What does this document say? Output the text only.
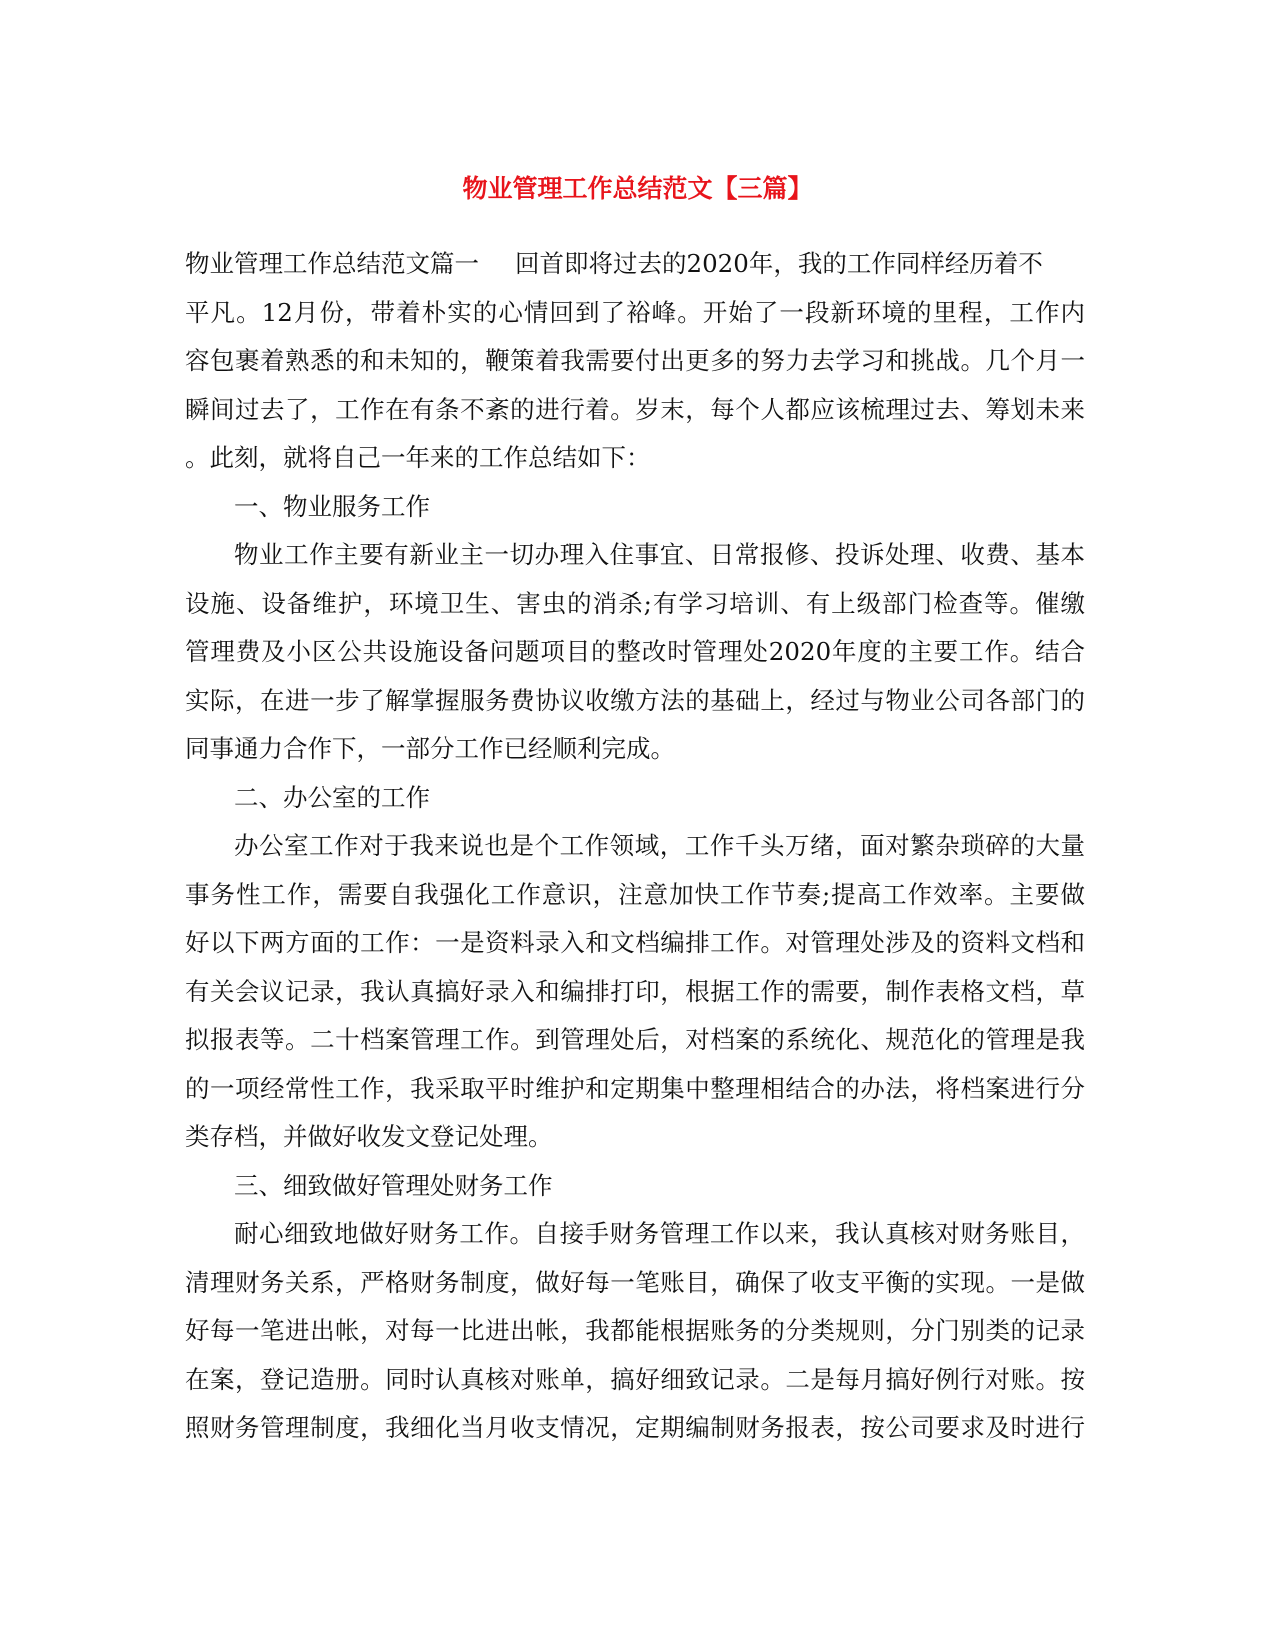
物业管理工作总结范文【三篇】
物业管理工作总结范文篇一 回首即将过去的2020年，我的工作同样经历着不
平凡。12月份，带着朴实的心情回到了裕峰。开始了一段新环境的里程，工作内
容包裹着熟悉的和未知的，鞭策着我需要付出更多的努力去学习和挑战。几个月一
瞬间过去了，工作在有条不紊的进行着。岁末，每个人都应该梳理过去、筹划未来
。此刻，就将自己一年来的工作总结如下：
一、物业服务工作
物业工作主要有新业主一切办理入住事宜、日常报修、投诉处理、收费、基本
设施、设备维护，环境卫生、害虫的消杀;有学习培训、有上级部门检查等。催缴
管理费及小区公共设施设备问题项目的整改时管理处2020年度的主要工作。结合
实际，在进一步了解掌握服务费协议收缴方法的基础上，经过与物业公司各部门的
同事通力合作下，一部分工作已经顺利完成。
二、办公室的工作
办公室工作对于我来说也是个工作领域，工作千头万绪，面对繁杂琐碎的大量
事务性工作，需要自我强化工作意识，注意加快工作节奏;提高工作效率。主要做
好以下两方面的工作：一是资料录入和文档编排工作。对管理处涉及的资料文档和
有关会议记录，我认真搞好录入和编排打印，根据工作的需要，制作表格文档，草
拟报表等。二十档案管理工作。到管理处后，对档案的系统化、规范化的管理是我
的一项经常性工作，我采取平时维护和定期集中整理相结合的办法，将档案进行分
类存档，并做好收发文登记处理。
三、细致做好管理处财务工作
耐心细致地做好财务工作。自接手财务管理工作以来，我认真核对财务账目，
清理财务关系，严格财务制度，做好每一笔账目，确保了收支平衡的实现。一是做
好每一笔进出帐，对每一比进出帐，我都能根据账务的分类规则，分门别类的记录
在案，登记造册。同时认真核对账单，搞好细致记录。二是每月搞好例行对账。按
照财务管理制度，我细化当月收支情况，定期编制财务报表，按公司要求及时进行
